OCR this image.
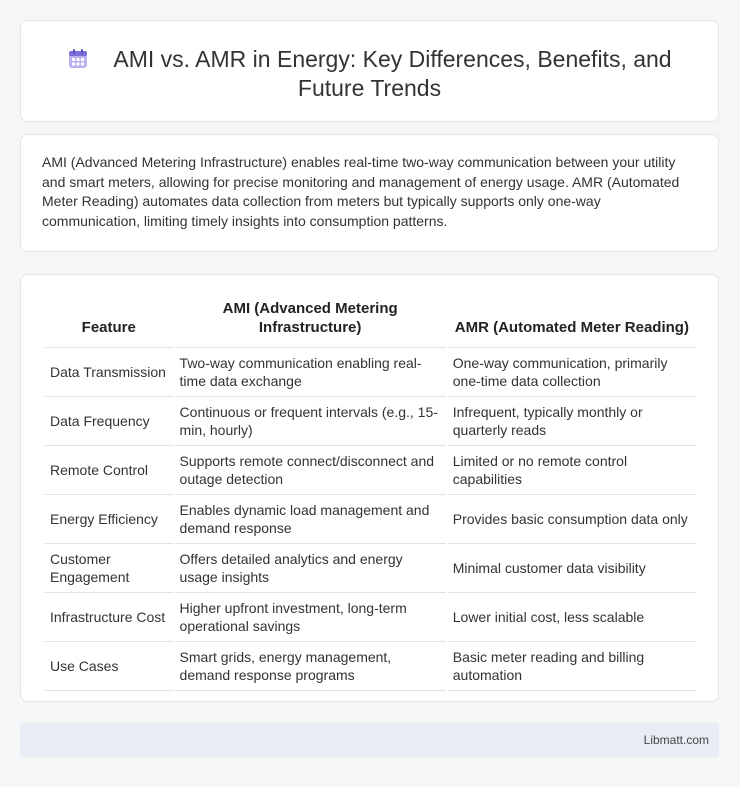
AMI vs. AMR in Energy: Key Differences, Benefits, and Future Trends

AMI (Advanced Metering Infrastructure) enables real-time two-way communication between your utility and smart meters, allowing for precise monitoring and management of energy usage. AMR (Automated Meter Reading) automates data collection from meters but typically supports only one-way communication, limiting timely insights into consumption patterns.

Feature	AMI (Advanced Metering Infrastructure)	AMR (Automated Meter Reading)
Data Transmission	Two-way communication enabling real-time data exchange	One-way communication, primarily one-time data collection
Data Frequency	Continuous or frequent intervals (e.g., 15-min, hourly)	Infrequent, typically monthly or quarterly reads
Remote Control	Supports remote connect/disconnect and outage detection	Limited or no remote control capabilities
Energy Efficiency	Enables dynamic load management and demand response	Provides basic consumption data only
Customer Engagement	Offers detailed analytics and energy usage insights	Minimal customer data visibility
Infrastructure Cost	Higher upfront investment, long-term operational savings	Lower initial cost, less scalable
Use Cases	Smart grids, energy management, demand response programs	Basic meter reading and billing automation
Libmatt.com
